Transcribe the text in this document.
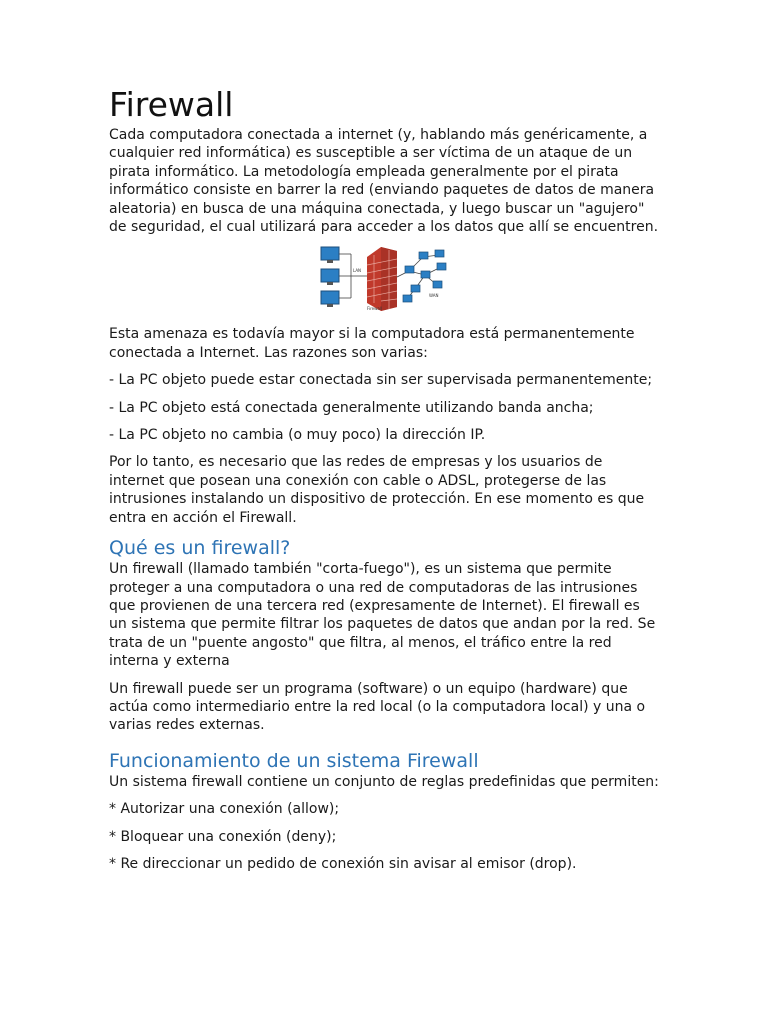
Firewall

Cada computadora conectada a internet (y, hablando más genéricamente, a cualquier red informática) es susceptible a ser víctima de un ataque de un pirata informático. La metodología empleada generalmente por el pirata informático consiste en barrer la red (enviando paquetes de datos de manera aleatoria) en busca de una máquina conectada, y luego buscar un "agujero" de seguridad, el cual utilizará para acceder a los datos que allí se encuentren.

LAN
Firewall
WAN

Esta amenaza es todavía mayor si la computadora está permanentemente conectada a Internet. Las razones son varias:

- La PC objeto puede estar conectada sin ser supervisada permanentemente;

- La PC objeto está conectada generalmente utilizando banda ancha;

- La PC objeto no cambia (o muy poco) la dirección IP.

Por lo tanto, es necesario que las redes de empresas y los usuarios de internet que posean una conexión con cable o ADSL, protegerse de las intrusiones instalando un dispositivo de protección. En ese momento es que entra en acción el Firewall.

Qué es un firewall?

Un firewall (llamado también "corta-fuego"), es un sistema que permite proteger a una computadora o una red de computadoras de las intrusiones que provienen de una tercera red (expresamente de Internet). El firewall es un sistema que permite filtrar los paquetes de datos que andan por la red. Se trata de un "puente angosto" que filtra, al menos, el tráfico entre la red interna y externa

Un firewall puede ser un programa (software) o un equipo (hardware) que actúa como intermediario entre la red local (o la computadora local) y una o varias redes externas.

Funcionamiento de un sistema Firewall

Un sistema firewall contiene un conjunto de reglas predefinidas que permiten:

* Autorizar una conexión (allow);

* Bloquear una conexión (deny);

* Re direccionar un pedido de conexión sin avisar al emisor (drop).
